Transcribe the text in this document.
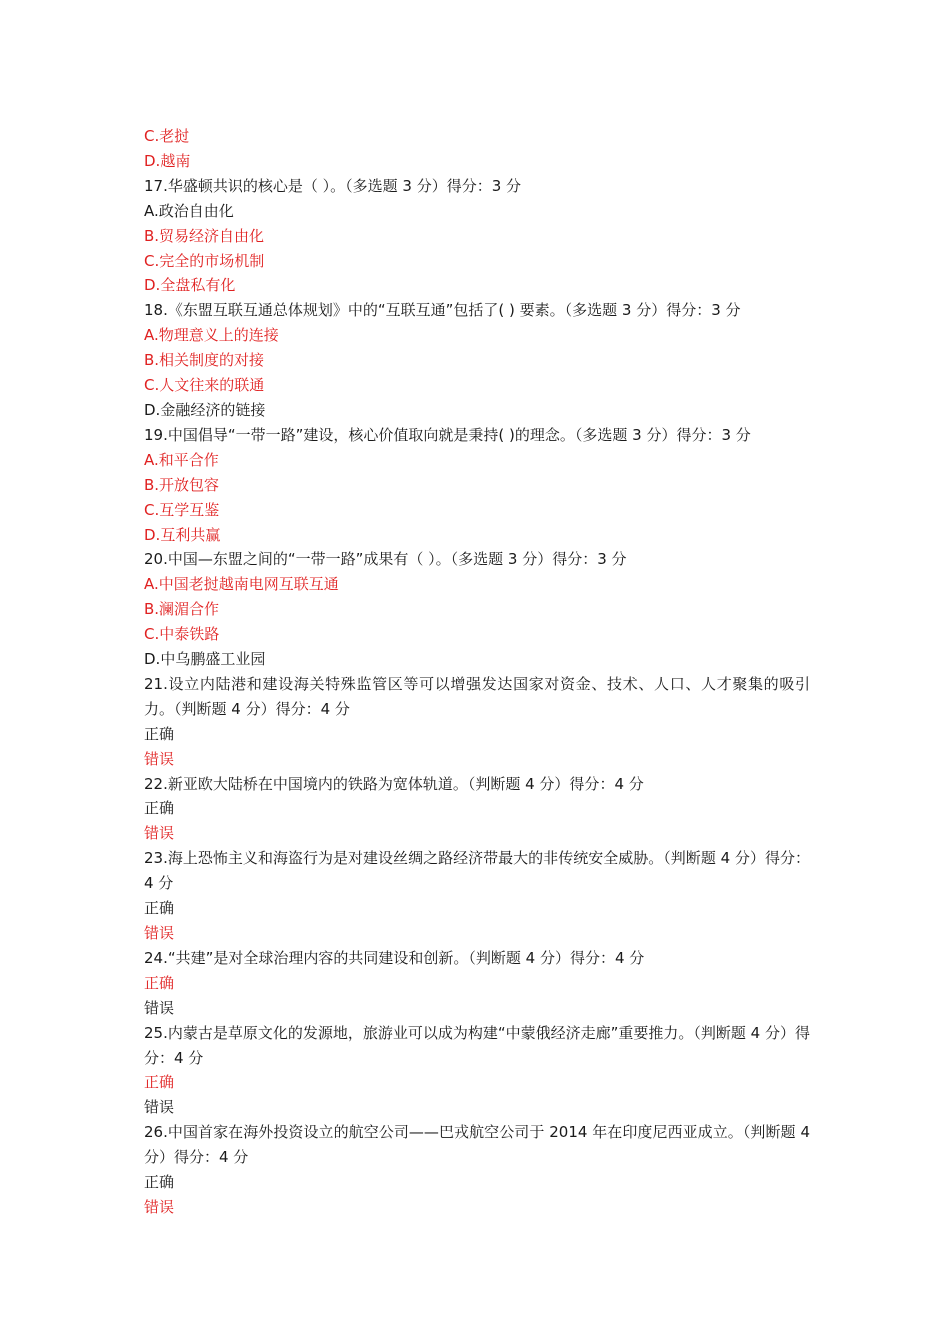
C.老挝
D.越南
17.华盛顿共识的核心是（ ）。（多选题 3 分）得分：3 分
A.政治自由化
B.贸易经济自由化
C.完全的市场机制
D.全盘私有化
18.《东盟互联互通总体规划》中的“互联互通”包括了( ) 要素。（多选题 3 分）得分：3 分
A.物理意义上的连接
B.相关制度的对接
C.人文往来的联通
D.金融经济的链接
19.中国倡导“一带一路”建设，核心价值取向就是秉持( )的理念。（多选题 3 分）得分：3 分
A.和平合作
B.开放包容
C.互学互鉴
D.互利共赢
20.中国—东盟之间的“一带一路”成果有（ ）。（多选题 3 分）得分：3 分
A.中国老挝越南电网互联互通
B.澜湄合作
C.中泰铁路
D.中乌鹏盛工业园
21.设立内陆港和建设海关特殊监管区等可以增强发达国家对资金、技术、人口、人才聚集的吸引力。（判断题 4 分）得分：4 分
正确
错误
22.新亚欧大陆桥在中国境内的铁路为宽体轨道。（判断题 4 分）得分：4 分
正确
错误
23.海上恐怖主义和海盗行为是对建设丝绸之路经济带最大的非传统安全威胁。（判断题 4 分）得分：4 分
正确
错误
24.“共建”是对全球治理内容的共同建设和创新。（判断题 4 分）得分：4 分
正确
错误
25.内蒙古是草原文化的发源地，旅游业可以成为构建“中蒙俄经济走廊”重要推力。（判断题 4 分）得分：4 分
正确
错误
26.中国首家在海外投资设立的航空公司——巴戎航空公司于 2014 年在印度尼西亚成立。（判断题 4 分）得分：4 分
正确
错误
